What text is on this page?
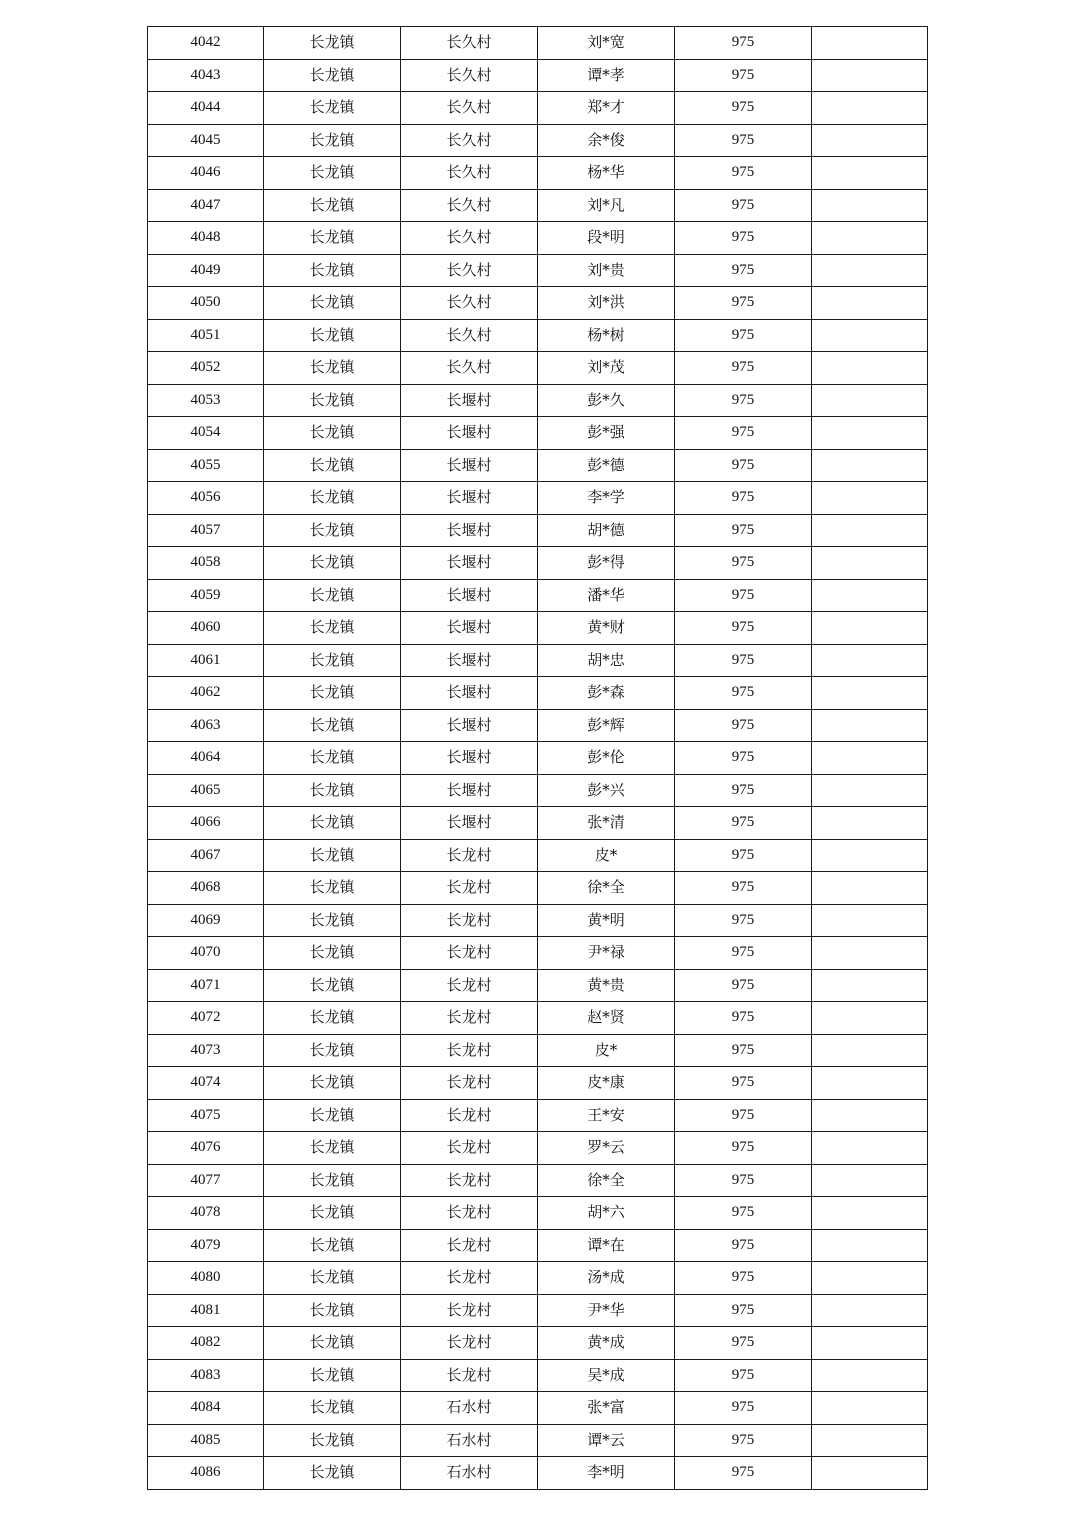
4042	长龙镇	长久村	刘*宽	975	
4043	长龙镇	长久村	谭*孝	975	
4044	长龙镇	长久村	郑*才	975	
4045	长龙镇	长久村	余*俊	975	
4046	长龙镇	长久村	杨*华	975	
4047	长龙镇	长久村	刘*凡	975	
4048	长龙镇	长久村	段*明	975	
4049	长龙镇	长久村	刘*贵	975	
4050	长龙镇	长久村	刘*洪	975	
4051	长龙镇	长久村	杨*树	975	
4052	长龙镇	长久村	刘*茂	975	
4053	长龙镇	长堰村	彭*久	975	
4054	长龙镇	长堰村	彭*强	975	
4055	长龙镇	长堰村	彭*德	975	
4056	长龙镇	长堰村	李*学	975	
4057	长龙镇	长堰村	胡*德	975	
4058	长龙镇	长堰村	彭*得	975	
4059	长龙镇	长堰村	潘*华	975	
4060	长龙镇	长堰村	黄*财	975	
4061	长龙镇	长堰村	胡*忠	975	
4062	长龙镇	长堰村	彭*森	975	
4063	长龙镇	长堰村	彭*辉	975	
4064	长龙镇	长堰村	彭*伦	975	
4065	长龙镇	长堰村	彭*兴	975	
4066	长龙镇	长堰村	张*清	975	
4067	长龙镇	长龙村	皮*	975	
4068	长龙镇	长龙村	徐*全	975	
4069	长龙镇	长龙村	黄*明	975	
4070	长龙镇	长龙村	尹*禄	975	
4071	长龙镇	长龙村	黄*贵	975	
4072	长龙镇	长龙村	赵*贤	975	
4073	长龙镇	长龙村	皮*	975	
4074	长龙镇	长龙村	皮*康	975	
4075	长龙镇	长龙村	王*安	975	
4076	长龙镇	长龙村	罗*云	975	
4077	长龙镇	长龙村	徐*全	975	
4078	长龙镇	长龙村	胡*六	975	
4079	长龙镇	长龙村	谭*在	975	
4080	长龙镇	长龙村	汤*成	975	
4081	长龙镇	长龙村	尹*华	975	
4082	长龙镇	长龙村	黄*成	975	
4083	长龙镇	长龙村	吴*成	975	
4084	长龙镇	石水村	张*富	975	
4085	长龙镇	石水村	谭*云	975	
4086	长龙镇	石水村	李*明	975	
